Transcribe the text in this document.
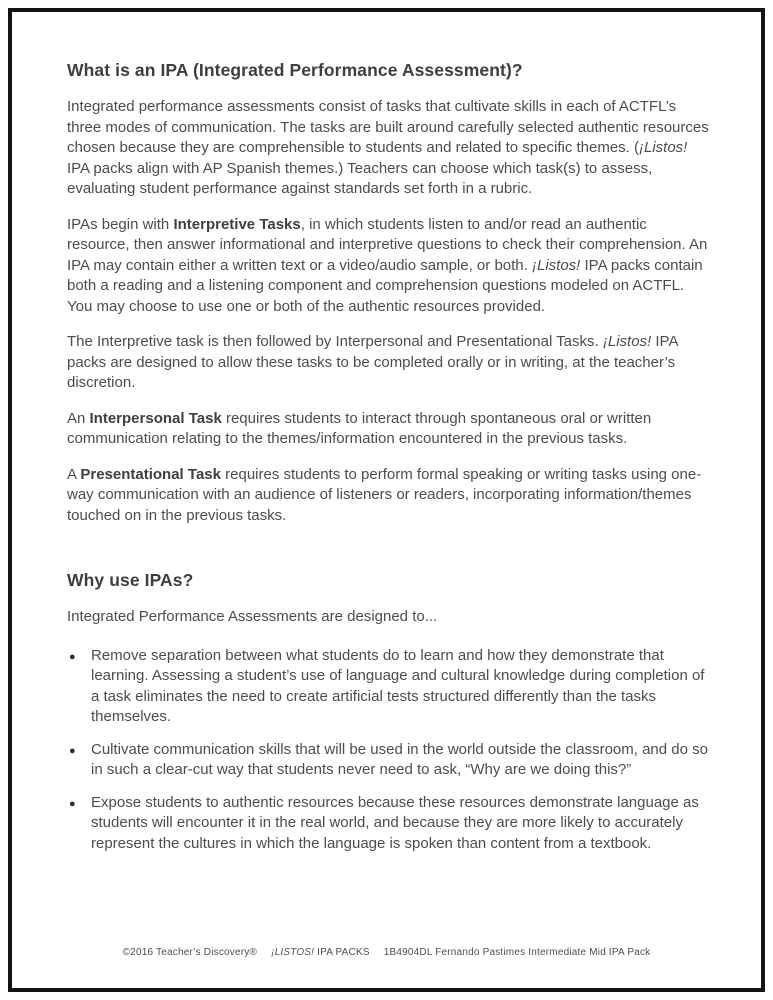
What is an IPA (Integrated Performance Assessment)?

Integrated performance assessments consist of tasks that cultivate skills in each of ACTFL’s three modes of communication. The tasks are built around carefully selected authentic resources chosen because they are comprehensible to students and related to specific themes. (¡Listos! IPA packs align with AP Spanish themes.) Teachers can choose which task(s) to assess, evaluating student performance against standards set forth in a rubric.

IPAs begin with Interpretive Tasks, in which students listen to and/or read an authentic resource, then answer informational and interpretive questions to check their comprehension. An IPA may contain either a written text or a video/audio sample, or both. ¡Listos! IPA packs contain both a reading and a listening component and comprehension questions modeled on ACTFL. You may choose to use one or both of the authentic resources provided.

The Interpretive task is then followed by Interpersonal and Presentational Tasks. ¡Listos! IPA packs are designed to allow these tasks to be completed orally or in writing, at the teacher’s discretion.

An Interpersonal Task requires students to interact through spontaneous oral or written communication relating to the themes/information encountered in the previous tasks.

A Presentational Task requires students to perform formal speaking or writing tasks using one-way communication with an audience of listeners or readers, incorporating information/themes touched on in the previous tasks.

Why use IPAs?

Integrated Performance Assessments are designed to...

● Remove separation between what students do to learn and how they demonstrate that learning. Assessing a student’s use of language and cultural knowledge during completion of a task eliminates the need to create artificial tests structured differently than the tasks themselves.
● Cultivate communication skills that will be used in the world outside the classroom, and do so in such a clear-cut way that students never need to ask, “Why are we doing this?”
● Expose students to authentic resources because these resources demonstrate language as students will encounter it in the real world, and because they are more likely to accurately represent the cultures in which the language is spoken than content from a textbook.
©2016 Teacher’s Discovery® ¡LISTOS! IPA PACKS 1B4904DL Fernando Pastimes Intermediate Mid IPA Pack
